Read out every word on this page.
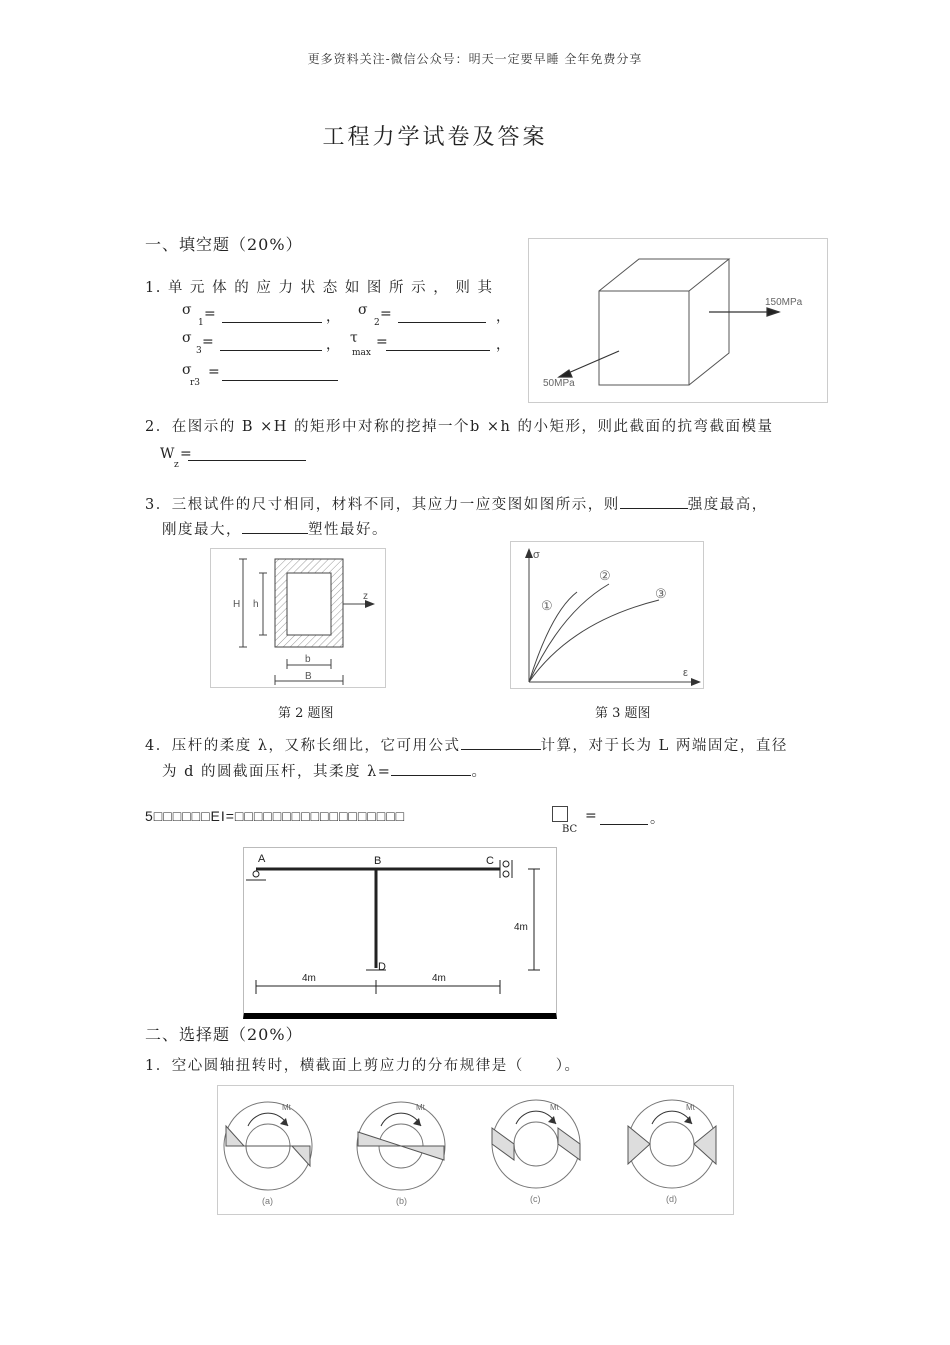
更多资料关注-微信公众号：明天一定要早睡 全年免费分享
工程力学试卷及答案
一、填空题（20%）
1. 单 元 体 的 应 力 状 态 如 图 所 示 ， 则 其
σ
1
=	， σ
2
=	，
σ
3
=	， τ
max
=	，
σ
r3
=
150MPa
50MPa
2．在图示的 B ×H 的矩形中对称的挖掉一个b ×h 的小矩形，则此截面的抗弯截面模量
W
z
=
3．三根试件的尺寸相同，材料不同，其应力一应变图如图所示，则	强度最高，
刚度最大，	塑性最好。
H h
z
b
B
第 2 题图
σ
ε
①
②
③
第 3 题图
4．压杆的柔度 λ，又称长细比，它可用公式	计算，对于长为 L 两端固定，直径
为 d 的圆截面压杆，其柔度 λ=	。
5□□□□□□EI=□□□□□□□□□□□□□□□□□□
BC
=	。
A	B	C
D
4m	4m
4m
二、选择题（20%）
1．空心圆轴扭转时，横截面上剪应力的分布规律是（　　）。
Mt
(a)
Mt
(b)
Mt
(c)
Mt
(d)
